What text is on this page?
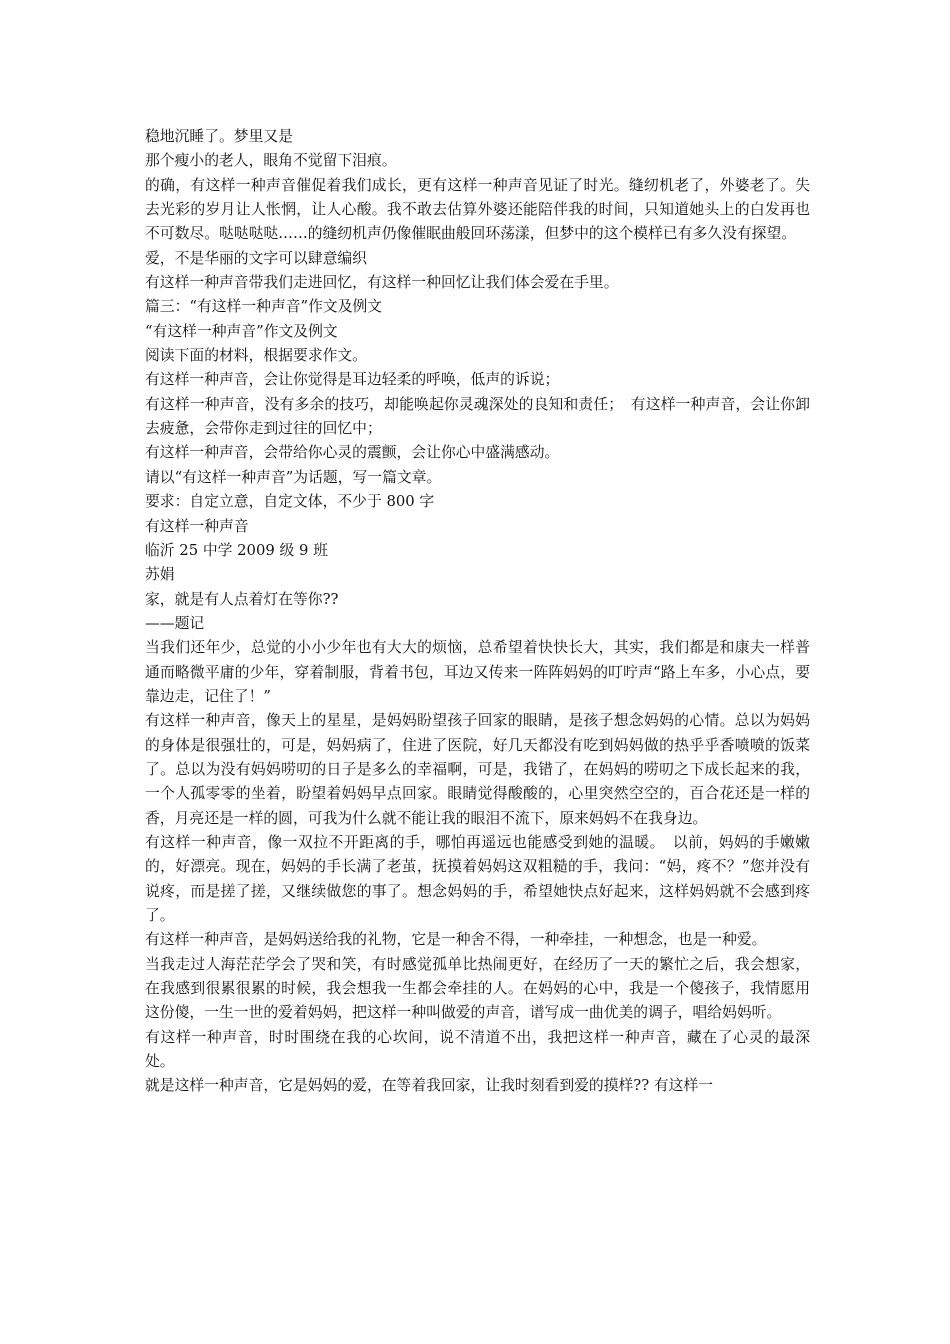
稳地沉睡了。梦里又是

那个瘦小的老人，眼角不觉留下泪痕。

的确，有这样一种声音催促着我们成长，更有这样一种声音见证了时光。缝纫机老了，外婆老了。失去光彩的岁月让人怅惘，让人心酸。我不敢去估算外婆还能陪伴我的时间，只知道她头上的白发再也不可数尽。哒哒哒哒……的缝纫机声仍像催眠曲般回环荡漾，但梦中的这个模样已有多久没有探望。

爱，不是华丽的文字可以肆意编织

有这样一种声音带我们走进回忆，有这样一种回忆让我们体会爱在手里。

篇三：“有这样一种声音”作文及例文

“有这样一种声音”作文及例文

阅读下面的材料，根据要求作文。

有这样一种声音，会让你觉得是耳边轻柔的呼唤，低声的诉说；

有这样一种声音，没有多余的技巧，却能唤起你灵魂深处的良知和责任；　有这样一种声音，会让你卸去疲惫，会带你走到过往的回忆中；

有这样一种声音，会带给你心灵的震颤，会让你心中盛满感动。

请以“有这样一种声音”为话题，写一篇文章。

要求：自定立意，自定文体，不少于 800 字

有这样一种声音

临沂 25 中学 2009 级 9 班

苏娟

家，就是有人点着灯在等你??

——题记

当我们还年少，总觉的小小少年也有大大的烦恼，总希望着快快长大，其实，我们都是和康夫一样普通而略微平庸的少年，穿着制服，背着书包，耳边又传来一阵阵妈妈的叮咛声“路上车多，小心点，要靠边走，记住了！”

有这样一种声音，像天上的星星，是妈妈盼望孩子回家的眼睛，是孩子想念妈妈的心情。总以为妈妈的身体是很强壮的，可是，妈妈病了，住进了医院，好几天都没有吃到妈妈做的热乎乎香喷喷的饭菜了。总以为没有妈妈唠叨的日子是多么的幸福啊，可是，我错了，在妈妈的唠叨之下成长起来的我，一个人孤零零的坐着，盼望着妈妈早点回家。眼睛觉得酸酸的，心里突然空空的，百合花还是一样的香，月亮还是一样的圆，可我为什么就不能让我的眼泪不流下，原来妈妈不在我身边。

有这样一种声音，像一双拉不开距离的手，哪怕再遥远也能感受到她的温暖。　以前，妈妈的手嫩嫩的，好漂亮。现在，妈妈的手长满了老茧，抚摸着妈妈这双粗糙的手，我问：“妈，疼不？”您并没有说疼，而是搓了搓，又继续做您的事了。想念妈妈的手，希望她快点好起来，这样妈妈就不会感到疼了。

有这样一种声音，是妈妈送给我的礼物，它是一种舍不得，一种牵挂，一种想念，也是一种爱。

当我走过人海茫茫学会了哭和笑，有时感觉孤单比热闹更好，在经历了一天的繁忙之后，我会想家，在我感到很累很累的时候，我会想我一生都会牵挂的人。在妈妈的心中，我是一个傻孩子，我情愿用这份傻，一生一世的爱着妈妈，把这样一种叫做爱的声音，谱写成一曲优美的调子，唱给妈妈听。

有这样一种声音，时时围绕在我的心坎间，说不清道不出，我把这样一种声音，藏在了心灵的最深处。

就是这样一种声音，它是妈妈的爱，在等着我回家，让我时刻看到爱的摸样?? 有这样一
